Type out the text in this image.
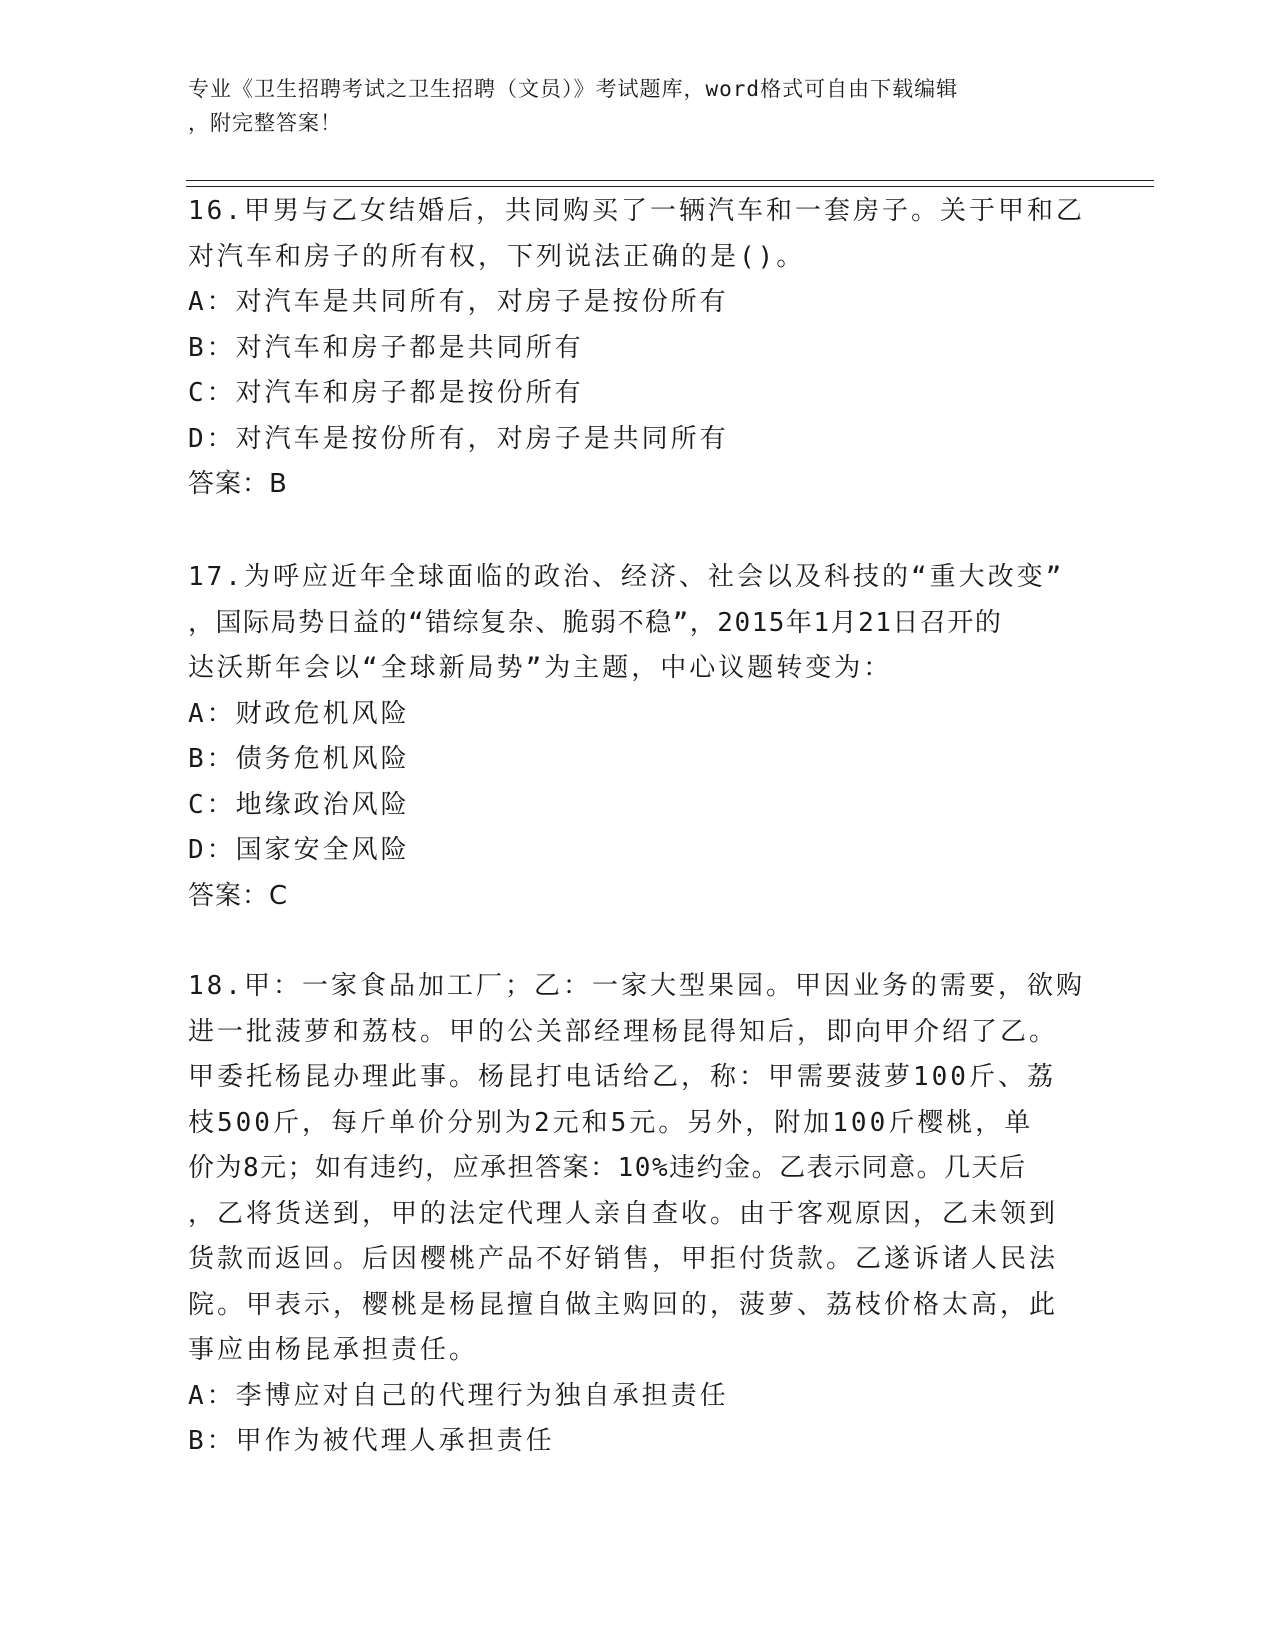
专业《卫生招聘考试之卫生招聘（文员）》考试题库，word格式可自由下载编辑
，附完整答案！
16.甲男与乙女结婚后，共同购买了一辆汽车和一套房子。关于甲和乙
对汽车和房子的所有权，下列说法正确的是()。
A：对汽车是共同所有，对房子是按份所有
B：对汽车和房子都是共同所有
C：对汽车和房子都是按份所有
D：对汽车是按份所有，对房子是共同所有
答案：B
17.为呼应近年全球面临的政治、经济、社会以及科技的“重大改变”
，国际局势日益的“错综复杂、脆弱不稳”，2015年1月21日召开的
达沃斯年会以“全球新局势”为主题，中心议题转变为：
A：财政危机风险
B：债务危机风险
C：地缘政治风险
D：国家安全风险
答案：C
18.甲：一家食品加工厂；乙：一家大型果园。甲因业务的需要，欲购
进一批菠萝和荔枝。甲的公关部经理杨昆得知后，即向甲介绍了乙。
甲委托杨昆办理此事。杨昆打电话给乙，称：甲需要菠萝100斤、荔
枝500斤，每斤单价分别为2元和5元。另外，附加100斤樱桃，单
价为8元；如有违约，应承担答案：10%违约金。乙表示同意。几天后
，乙将货送到，甲的法定代理人亲自查收。由于客观原因，乙未领到
货款而返回。后因樱桃产品不好销售，甲拒付货款。乙遂诉诸人民法
院。甲表示，樱桃是杨昆擅自做主购回的，菠萝、荔枝价格太高，此
事应由杨昆承担责任。
A：李博应对自己的代理行为独自承担责任
B：甲作为被代理人承担责任
